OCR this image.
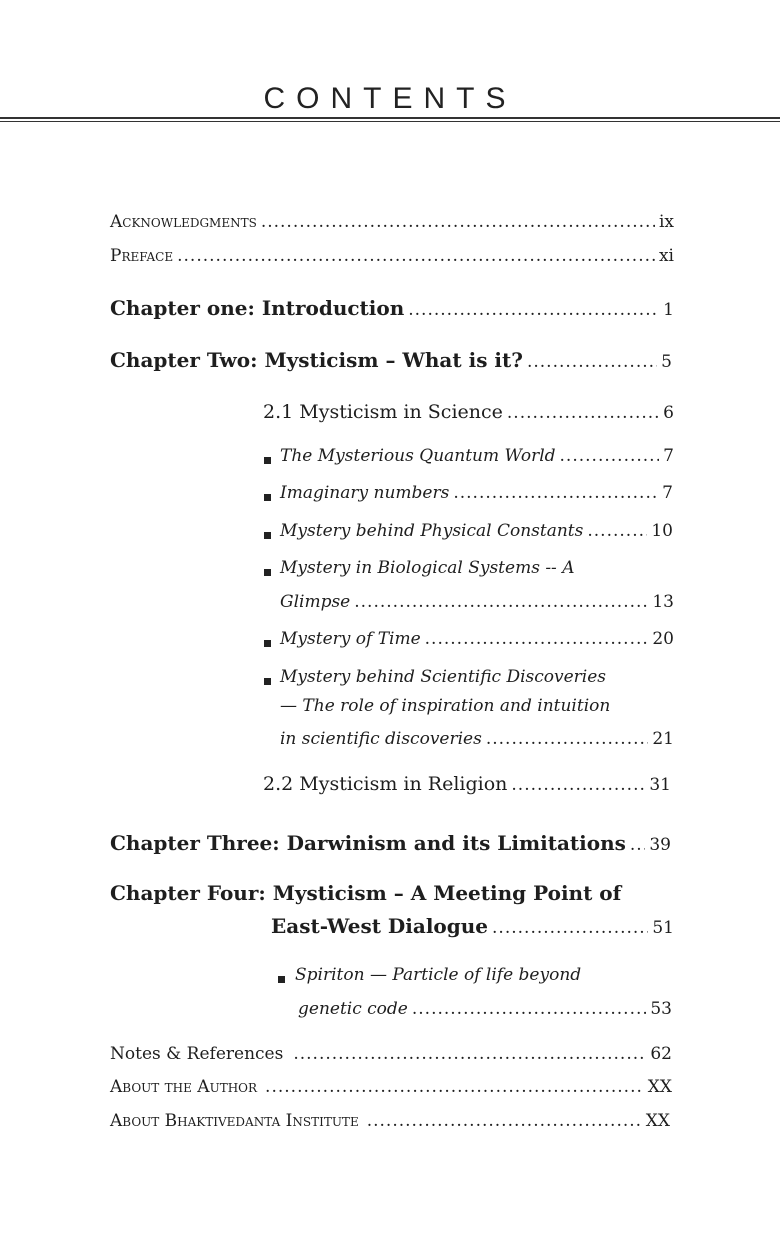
CONTENTS
Acknowledgments .....	ix
Preface .....	xi
Chapter one: Introduction .....	1
Chapter Two: Mysticism – What is it? .....	5
2.1 Mysticism in Science .....	6
The Mysterious Quantum World .....	7
Imaginary numbers .....	7
Mystery behind Physical Constants .....	10
Mystery in Biological Systems -- A
Glimpse .....	13
Mystery of Time .....	20
Mystery behind Scientific Discoveries
— The role of inspiration and intuition
in scientific discoveries .....	21
2.2 Mysticism in Religion .....	31
Chapter Three: Darwinism and its Limitations ..... 39
Chapter Four: Mysticism – A Meeting Point of
East-West Dialogue .....	51
Spiriton — Particle of life beyond
genetic code .....	53
Notes & References .....	62
About the Author .....	XX
About Bhaktivedanta Institute .....	XX
